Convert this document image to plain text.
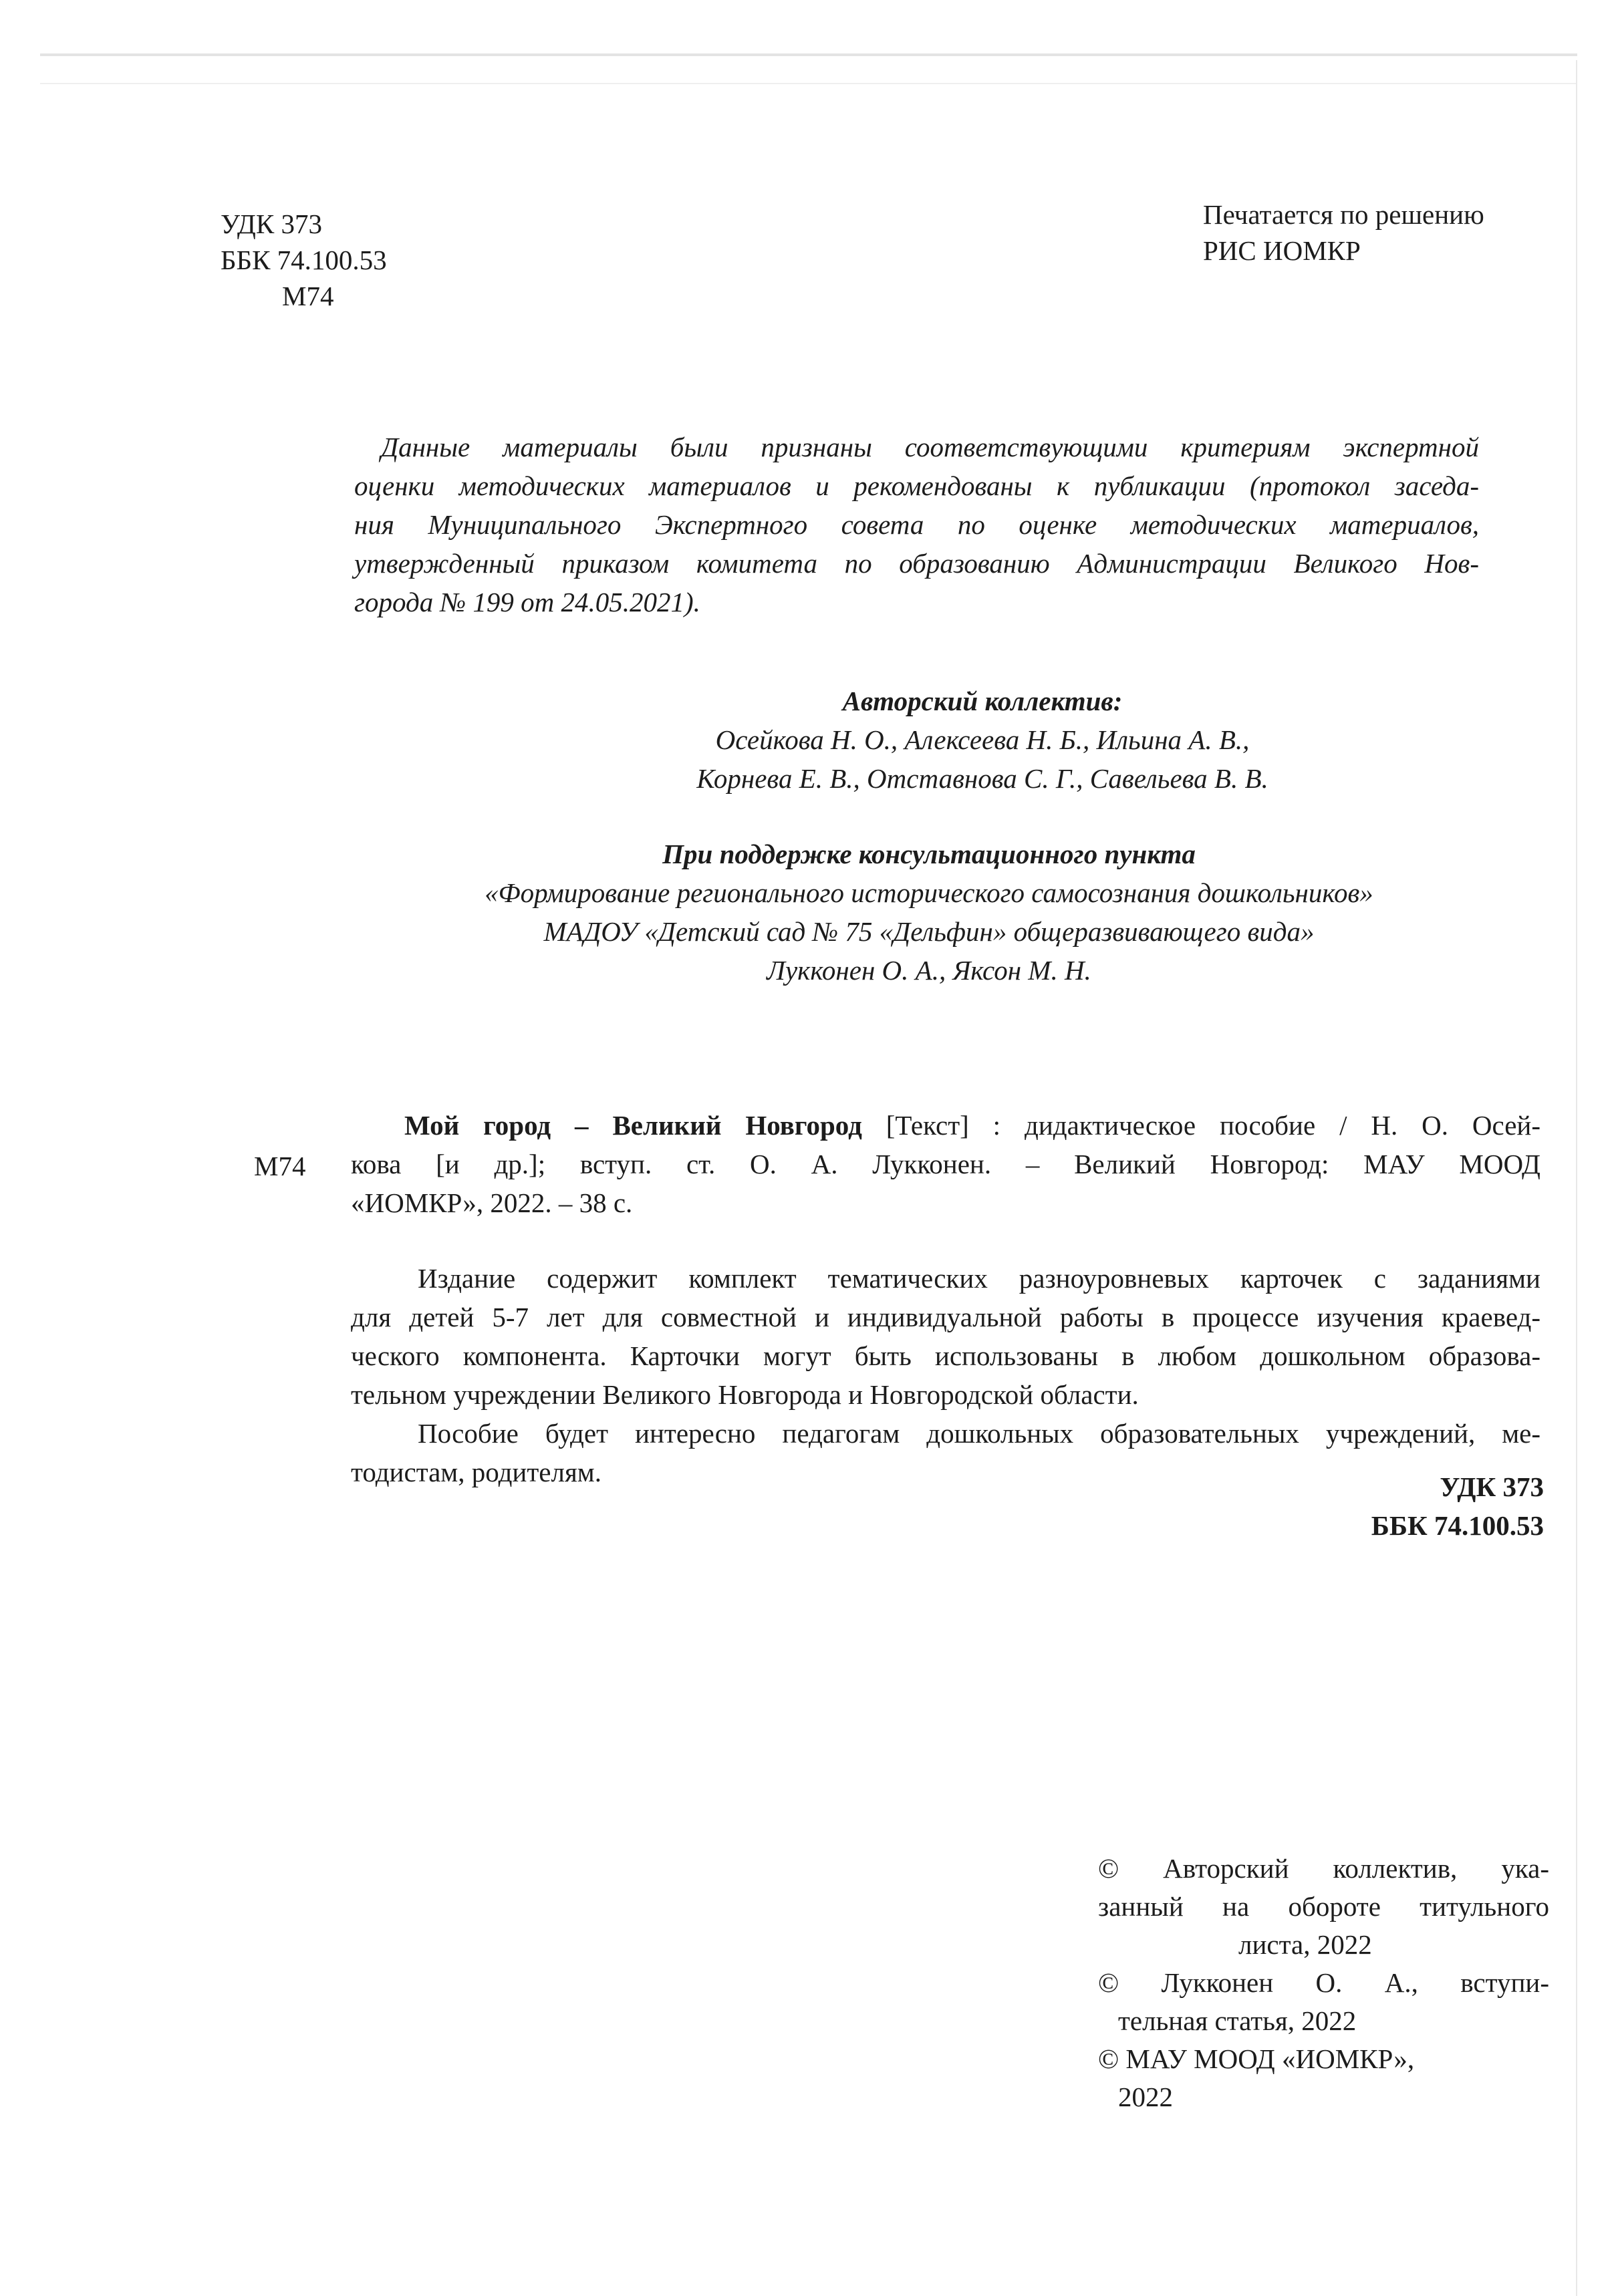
УДК 373
ББК 74.100.53
М74
Печатается по решению
РИС ИОМКР
Данные материалы были признаны соответствующими критериям экспертной
оценки методических материалов и рекомендованы к публикации (протокол заседа-
ния Муниципального Экспертного совета по оценке методических материалов,
утвержденный приказом комитета по образованию Администрации Великого Нов-
города № 199 от 24.05.2021).
Авторский коллектив:
Осейкова Н. О., Алексеева Н. Б., Ильина А. В.,
Корнева Е. В., Отставнова С. Г., Савельева В. В.
При поддержке консультационного пункта
«Формирование регионального исторического самосознания дошкольников»
МАДОУ «Детский сад № 75 «Дельфин» общеразвивающего вида»
Лукконен О. А., Яксон М. Н.
М74
Мой город – Великий Новгород [Текст] : дидактическое пособие / Н. О. Осей-
кова [и др.]; вступ. ст. О. А. Лукконен. – Великий Новгород: МАУ МООД
«ИОМКР», 2022. – 38 с.
Издание содержит комплект тематических разноуровневых карточек с заданиями
для детей 5-7 лет для совместной и индивидуальной работы в процессе изучения краевед-
ческого компонента. Карточки могут быть использованы в любом дошкольном образова-
тельном учреждении Великого Новгорода и Новгородской области.
Пособие будет интересно педагогам дошкольных образовательных учреждений, ме-
тодистам, родителям.	УДК 373
ББК 74.100.53
© Авторский коллектив, ука-
занный на обороте титульного
листа, 2022
© Лукконен О. А., вступи-
тельная статья, 2022
© МАУ МООД «ИОМКР»,
2022
